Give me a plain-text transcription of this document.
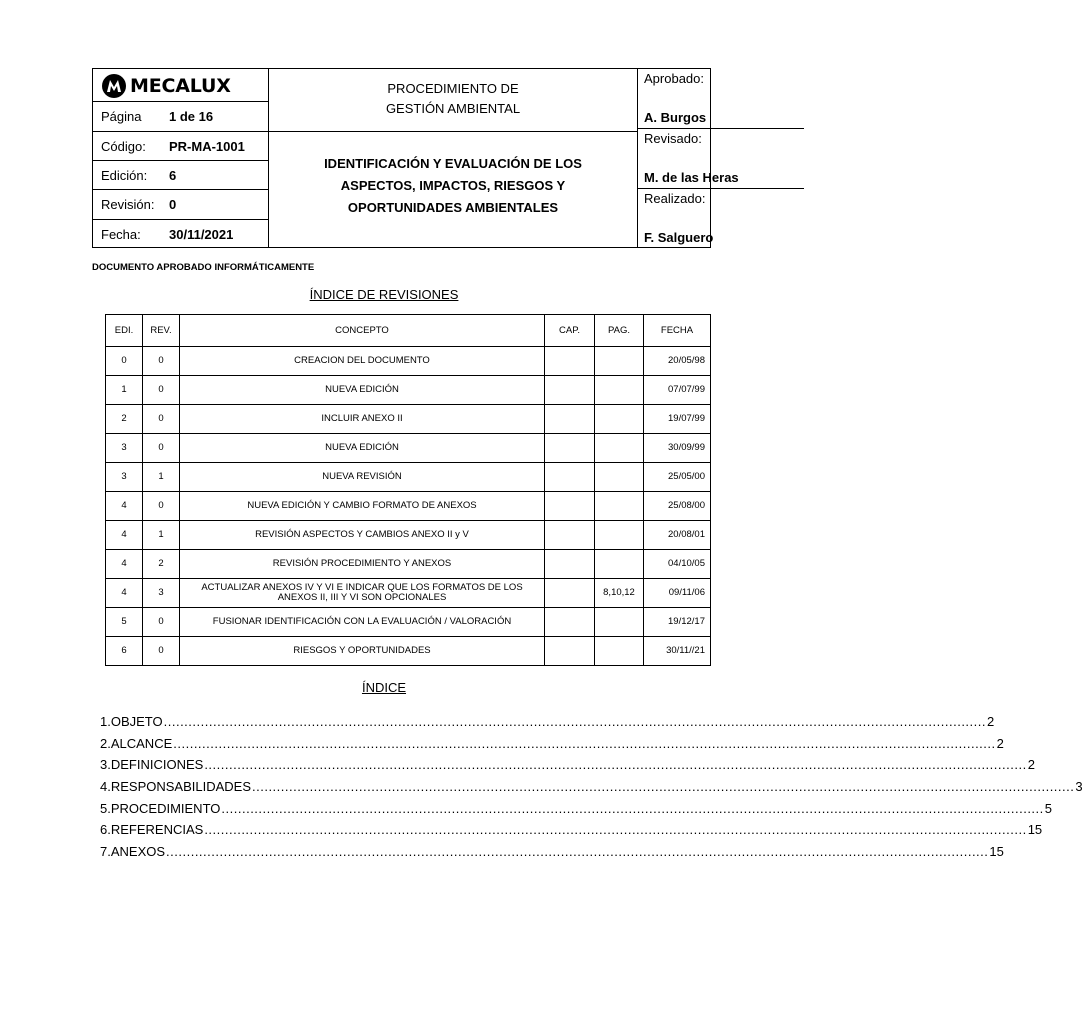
MECALUX
Página 1 de 16
Código: PR-MA-1001
Edición: 6
Revisión: 0
Fecha: 30/11/2021
PROCEDIMIENTO DE
GESTIÓN AMBIENTAL
IDENTIFICACIÓN Y EVALUACIÓN DE LOS
ASPECTOS, IMPACTOS, RIESGOS Y
OPORTUNIDADES AMBIENTALES
Aprobado:
A. Burgos
Revisado:
M. de las Heras
Realizado:
F. Salguero
DOCUMENTO APROBADO INFORMÁTICAMENTE
ÍNDICE DE REVISIONES
EDI.	REV.	CONCEPTO	CAP.	PAG.	FECHA
0	0	CREACION DEL DOCUMENTO			20/05/98
1	0	NUEVA EDICIÓN			07/07/99
2	0	INCLUIR ANEXO II			19/07/99
3	0	NUEVA EDICIÓN			30/09/99
3	1	NUEVA REVISIÓN			25/05/00
4	0	NUEVA EDICIÓN Y CAMBIO FORMATO DE ANEXOS			25/08/00
4	1	REVISIÓN ASPECTOS Y CAMBIOS ANEXO II y V			20/08/01
4	2	REVISIÓN PROCEDIMIENTO Y ANEXOS			04/10/05
4	3	ACTUALIZAR ANEXOS IV Y VI E INDICAR QUE LOS FORMATOS DE LOS ANEXOS II, III Y VI SON OPCIONALES		8,10,12	09/11/06
5	0	FUSIONAR IDENTIFICACIÓN CON LA EVALUACIÓN / VALORACIÓN			19/12/17
6	0	RIESGOS Y OPORTUNIDADES			30/11//21
ÍNDICE
1. OBJETO ........................................................................................................................................................................................................ 2
2. ALCANCE ........................................................................................................................................................................................................ 2
3. DEFINICIONES ........................................................................................................................................................................................................ 2
4. RESPONSABILIDADES ........................................................................................................................................................................................................ 3
5. PROCEDIMIENTO ........................................................................................................................................................................................................ 5
6. REFERENCIAS ........................................................................................................................................................................................................ 15
7. ANEXOS ........................................................................................................................................................................................................ 15
